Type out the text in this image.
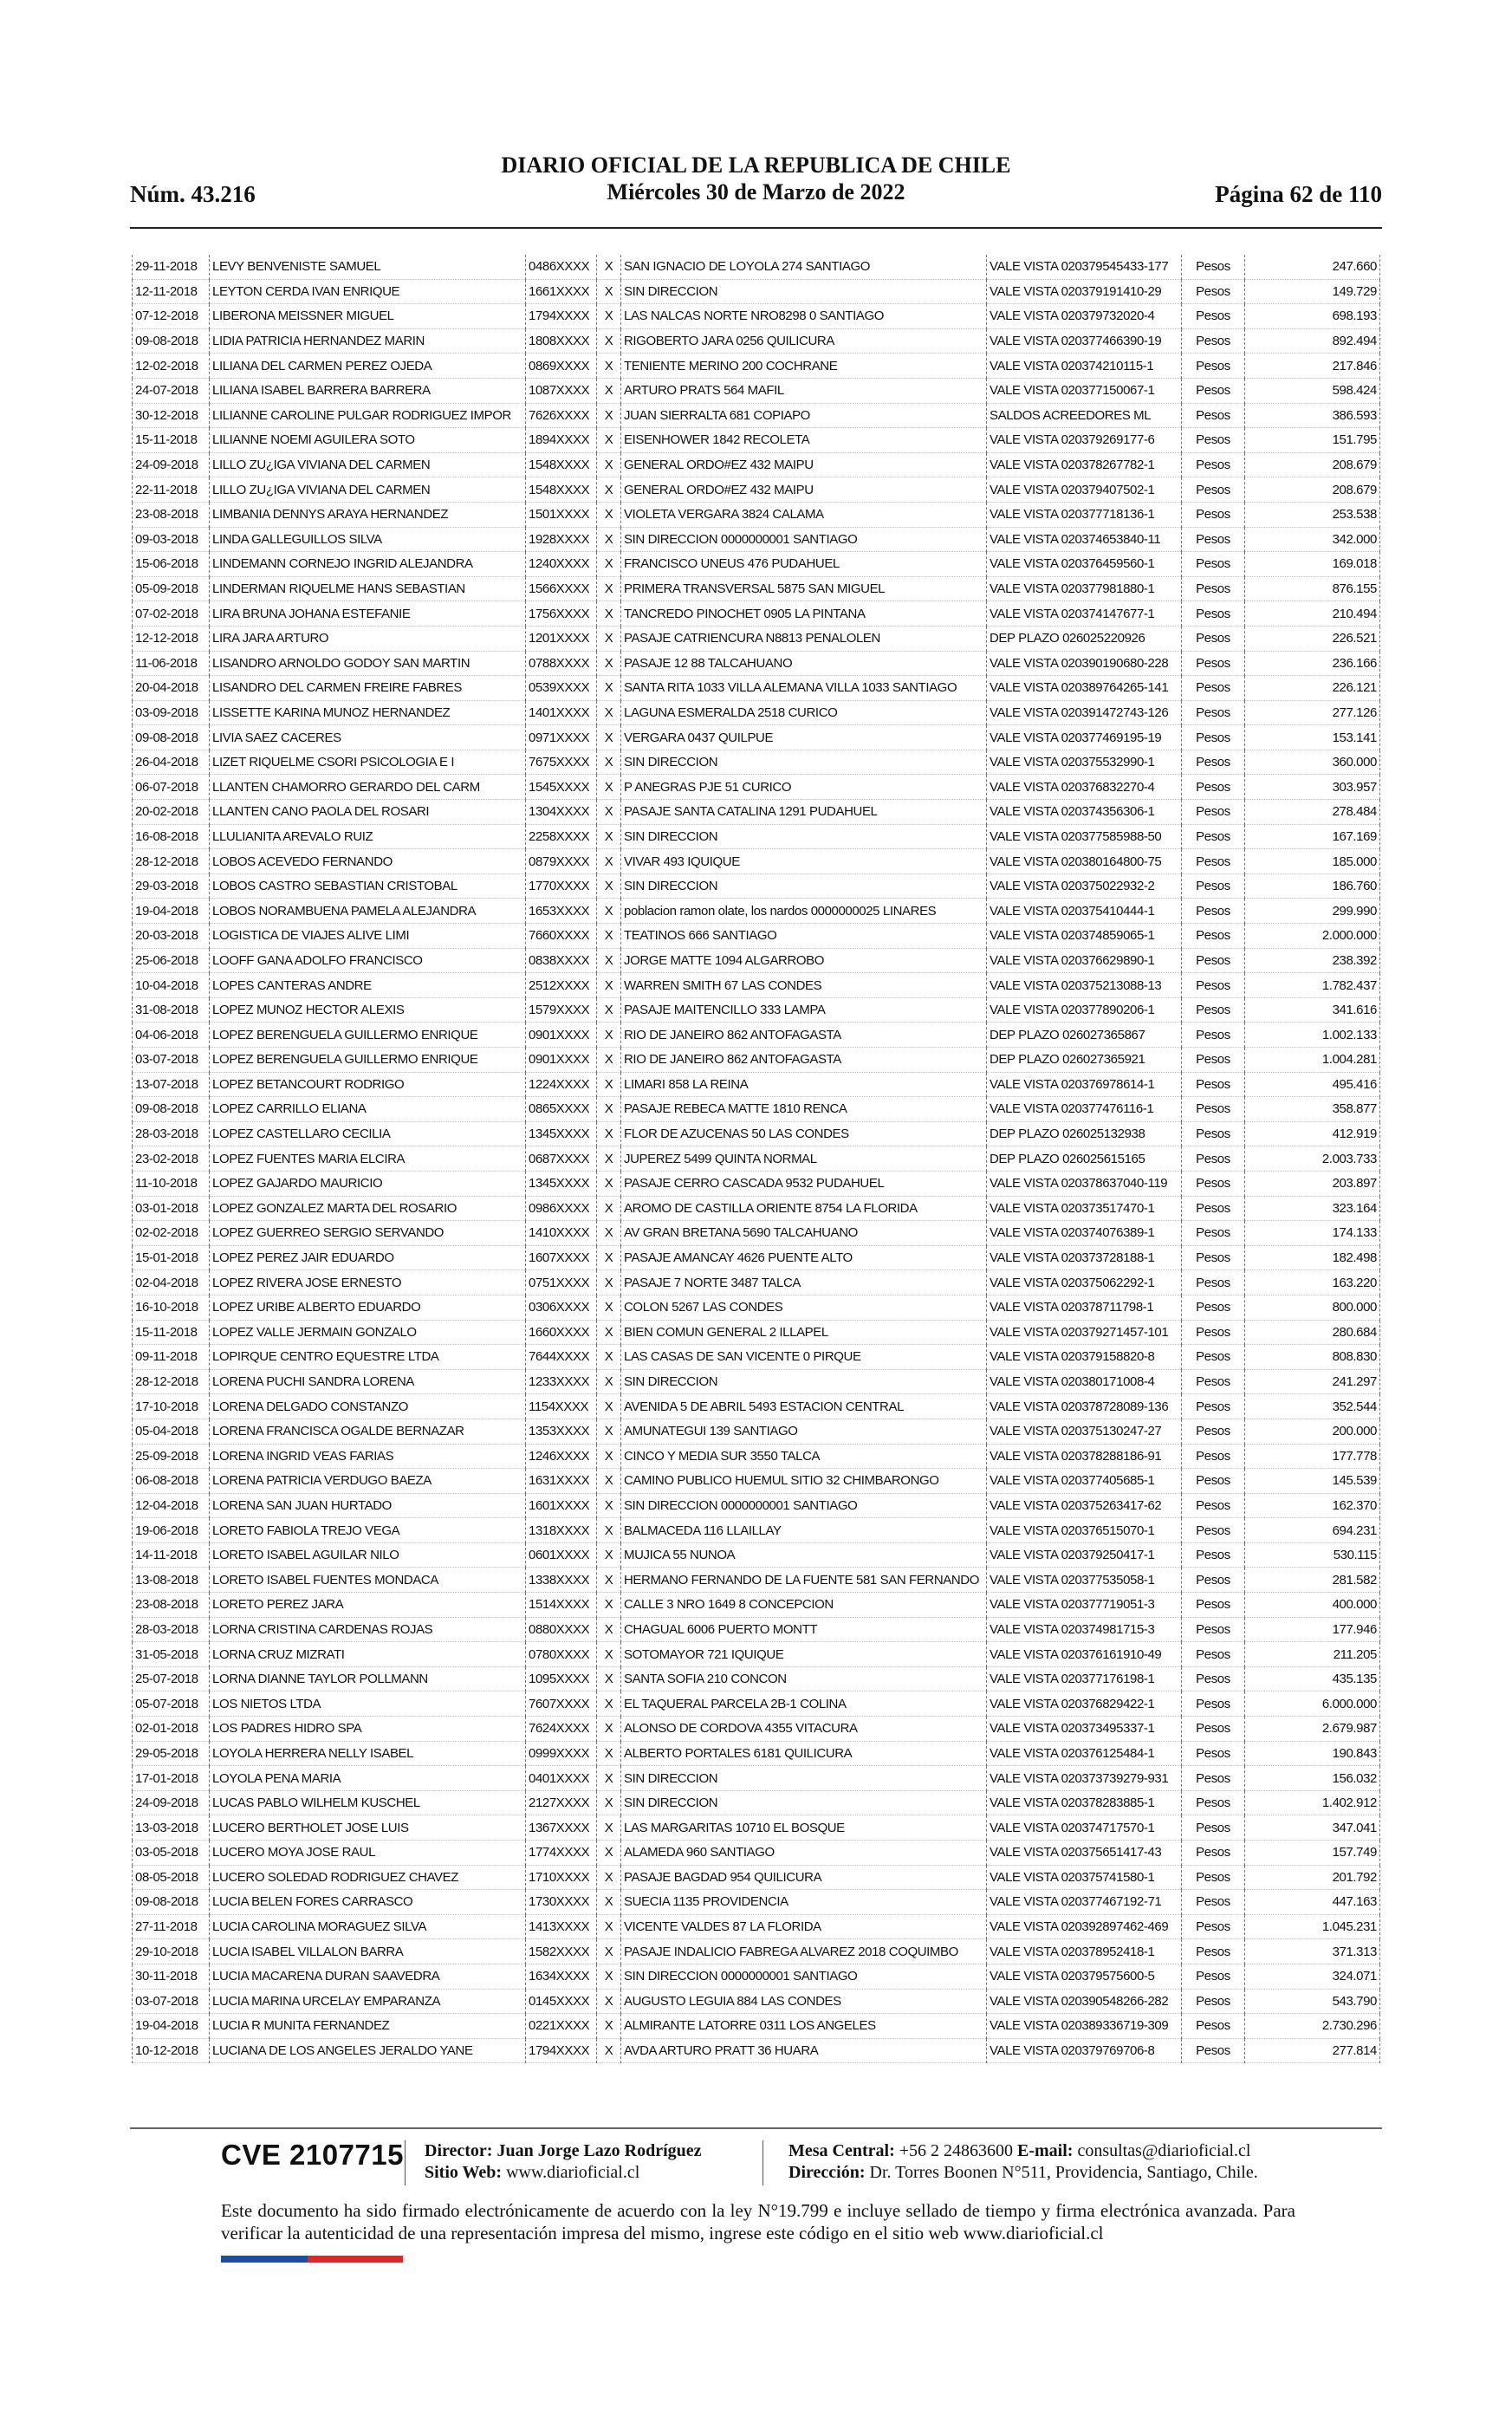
Núm. 43.216
DIARIO OFICIAL DE LA REPUBLICA DE CHILE
Miércoles 30 de Marzo de 2022	Página 62 de 110
29-11-2018	LEVY BENVENISTE SAMUEL	0486XXXX	X	SAN IGNACIO DE LOYOLA 274 SANTIAGO	VALE VISTA 020379545433-177	Pesos	247.660
12-11-2018	LEYTON CERDA IVAN ENRIQUE	1661XXXX	X	SIN DIRECCION	VALE VISTA 020379191410-29	Pesos	149.729
07-12-2018	LIBERONA MEISSNER MIGUEL	1794XXXX	X	LAS NALCAS NORTE NRO8298 0 SANTIAGO	VALE VISTA 020379732020-4	Pesos	698.193
09-08-2018	LIDIA PATRICIA HERNANDEZ MARIN	1808XXXX	X	RIGOBERTO JARA 0256 QUILICURA	VALE VISTA 020377466390-19	Pesos	892.494
12-02-2018	LILIANA DEL CARMEN PEREZ OJEDA	0869XXXX	X	TENIENTE MERINO 200 COCHRANE	VALE VISTA 020374210115-1	Pesos	217.846
24-07-2018	LILIANA ISABEL BARRERA BARRERA	1087XXXX	X	ARTURO PRATS 564 MAFIL	VALE VISTA 020377150067-1	Pesos	598.424
30-12-2018	LILIANNE CAROLINE PULGAR RODRIGUEZ IMPOR	7626XXXX	X	JUAN SIERRALTA 681 COPIAPO	SALDOS ACREEDORES ML	Pesos	386.593
15-11-2018	LILIANNE NOEMI AGUILERA SOTO	1894XXXX	X	EISENHOWER 1842 RECOLETA	VALE VISTA 020379269177-6	Pesos	151.795
24-09-2018	LILLO ZU¿IGA VIVIANA DEL CARMEN	1548XXXX	X	GENERAL ORDO#EZ 432 MAIPU	VALE VISTA 020378267782-1	Pesos	208.679
22-11-2018	LILLO ZU¿IGA VIVIANA DEL CARMEN	1548XXXX	X	GENERAL ORDO#EZ 432 MAIPU	VALE VISTA 020379407502-1	Pesos	208.679
23-08-2018	LIMBANIA DENNYS ARAYA HERNANDEZ	1501XXXX	X	VIOLETA VERGARA 3824 CALAMA	VALE VISTA 020377718136-1	Pesos	253.538
09-03-2018	LINDA GALLEGUILLOS SILVA	1928XXXX	X	SIN DIRECCION 0000000001 SANTIAGO	VALE VISTA 020374653840-11	Pesos	342.000
15-06-2018	LINDEMANN CORNEJO INGRID ALEJANDRA	1240XXXX	X	FRANCISCO UNEUS 476 PUDAHUEL	VALE VISTA 020376459560-1	Pesos	169.018
05-09-2018	LINDERMAN RIQUELME HANS SEBASTIAN	1566XXXX	X	PRIMERA TRANSVERSAL 5875 SAN MIGUEL	VALE VISTA 020377981880-1	Pesos	876.155
07-02-2018	LIRA BRUNA JOHANA ESTEFANIE	1756XXXX	X	TANCREDO PINOCHET 0905 LA PINTANA	VALE VISTA 020374147677-1	Pesos	210.494
12-12-2018	LIRA JARA ARTURO	1201XXXX	X	PASAJE CATRIENCURA N8813 PENALOLEN	DEP PLAZO 026025220926	Pesos	226.521
11-06-2018	LISANDRO ARNOLDO GODOY SAN MARTIN	0788XXXX	X	PASAJE 12 88 TALCAHUANO	VALE VISTA 020390190680-228	Pesos	236.166
20-04-2018	LISANDRO DEL CARMEN FREIRE FABRES	0539XXXX	X	SANTA RITA 1033 VILLA ALEMANA VILLA 1033 SANTIAGO	VALE VISTA 020389764265-141	Pesos	226.121
03-09-2018	LISSETTE KARINA MUNOZ HERNANDEZ	1401XXXX	X	LAGUNA ESMERALDA 2518 CURICO	VALE VISTA 020391472743-126	Pesos	277.126
09-08-2018	LIVIA SAEZ CACERES	0971XXXX	X	VERGARA 0437 QUILPUE	VALE VISTA 020377469195-19	Pesos	153.141
26-04-2018	LIZET RIQUELME CSORI PSICOLOGIA E I	7675XXXX	X	SIN DIRECCION	VALE VISTA 020375532990-1	Pesos	360.000
06-07-2018	LLANTEN CHAMORRO GERARDO DEL CARM	1545XXXX	X	P ANEGRAS PJE 51 CURICO	VALE VISTA 020376832270-4	Pesos	303.957
20-02-2018	LLANTEN CANO PAOLA DEL ROSARI	1304XXXX	X	PASAJE SANTA CATALINA 1291 PUDAHUEL	VALE VISTA 020374356306-1	Pesos	278.484
16-08-2018	LLULIANITA AREVALO RUIZ	2258XXXX	X	SIN DIRECCION	VALE VISTA 020377585988-50	Pesos	167.169
28-12-2018	LOBOS ACEVEDO FERNANDO	0879XXXX	X	VIVAR 493 IQUIQUE	VALE VISTA 020380164800-75	Pesos	185.000
29-03-2018	LOBOS CASTRO SEBASTIAN CRISTOBAL	1770XXXX	X	SIN DIRECCION	VALE VISTA 020375022932-2	Pesos	186.760
19-04-2018	LOBOS NORAMBUENA PAMELA ALEJANDRA	1653XXXX	X	poblacion ramon olate, los nardos 0000000025 LINARES	VALE VISTA 020375410444-1	Pesos	299.990
20-03-2018	LOGISTICA DE VIAJES ALIVE LIMI	7660XXXX	X	TEATINOS 666 SANTIAGO	VALE VISTA 020374859065-1	Pesos	2.000.000
25-06-2018	LOOFF GANA ADOLFO FRANCISCO	0838XXXX	X	JORGE MATTE 1094 ALGARROBO	VALE VISTA 020376629890-1	Pesos	238.392
10-04-2018	LOPES CANTERAS ANDRE	2512XXXX	X	WARREN SMITH 67 LAS CONDES	VALE VISTA 020375213088-13	Pesos	1.782.437
31-08-2018	LOPEZ MUNOZ HECTOR ALEXIS	1579XXXX	X	PASAJE MAITENCILLO 333 LAMPA	VALE VISTA 020377890206-1	Pesos	341.616
04-06-2018	LOPEZ BERENGUELA GUILLERMO ENRIQUE	0901XXXX	X	RIO DE JANEIRO 862 ANTOFAGASTA	DEP PLAZO 026027365867	Pesos	1.002.133
03-07-2018	LOPEZ BERENGUELA GUILLERMO ENRIQUE	0901XXXX	X	RIO DE JANEIRO 862 ANTOFAGASTA	DEP PLAZO 026027365921	Pesos	1.004.281
13-07-2018	LOPEZ BETANCOURT RODRIGO	1224XXXX	X	LIMARI 858 LA REINA	VALE VISTA 020376978614-1	Pesos	495.416
09-08-2018	LOPEZ CARRILLO ELIANA	0865XXXX	X	PASAJE REBECA MATTE 1810 RENCA	VALE VISTA 020377476116-1	Pesos	358.877
28-03-2018	LOPEZ CASTELLARO CECILIA	1345XXXX	X	FLOR DE AZUCENAS 50 LAS CONDES	DEP PLAZO 026025132938	Pesos	412.919
23-02-2018	LOPEZ FUENTES MARIA ELCIRA	0687XXXX	X	JUPEREZ 5499 QUINTA NORMAL	DEP PLAZO 026025615165	Pesos	2.003.733
11-10-2018	LOPEZ GAJARDO MAURICIO	1345XXXX	X	PASAJE CERRO CASCADA 9532 PUDAHUEL	VALE VISTA 020378637040-119	Pesos	203.897
03-01-2018	LOPEZ GONZALEZ MARTA DEL ROSARIO	0986XXXX	X	AROMO DE CASTILLA ORIENTE 8754 LA FLORIDA	VALE VISTA 020373517470-1	Pesos	323.164
02-02-2018	LOPEZ GUERREO SERGIO SERVANDO	1410XXXX	X	AV GRAN BRETANA 5690 TALCAHUANO	VALE VISTA 020374076389-1	Pesos	174.133
15-01-2018	LOPEZ PEREZ JAIR EDUARDO	1607XXXX	X	PASAJE AMANCAY 4626 PUENTE ALTO	VALE VISTA 020373728188-1	Pesos	182.498
02-04-2018	LOPEZ RIVERA JOSE ERNESTO	0751XXXX	X	PASAJE 7 NORTE 3487 TALCA	VALE VISTA 020375062292-1	Pesos	163.220
16-10-2018	LOPEZ URIBE ALBERTO EDUARDO	0306XXXX	X	COLON 5267 LAS CONDES	VALE VISTA 020378711798-1	Pesos	800.000
15-11-2018	LOPEZ VALLE JERMAIN GONZALO	1660XXXX	X	BIEN COMUN GENERAL 2 ILLAPEL	VALE VISTA 020379271457-101	Pesos	280.684
09-11-2018	LOPIRQUE CENTRO EQUESTRE LTDA	7644XXXX	X	LAS CASAS DE SAN VICENTE 0 PIRQUE	VALE VISTA 020379158820-8	Pesos	808.830
28-12-2018	LORENA PUCHI SANDRA LORENA	1233XXXX	X	SIN DIRECCION	VALE VISTA 020380171008-4	Pesos	241.297
17-10-2018	LORENA DELGADO CONSTANZO	1154XXXX	X	AVENIDA 5 DE ABRIL 5493 ESTACION CENTRAL	VALE VISTA 020378728089-136	Pesos	352.544
05-04-2018	LORENA FRANCISCA OGALDE BERNAZAR	1353XXXX	X	AMUNATEGUI 139 SANTIAGO	VALE VISTA 020375130247-27	Pesos	200.000
25-09-2018	LORENA INGRID VEAS FARIAS	1246XXXX	X	CINCO Y MEDIA SUR 3550 TALCA	VALE VISTA 020378288186-91	Pesos	177.778
06-08-2018	LORENA PATRICIA VERDUGO BAEZA	1631XXXX	X	CAMINO PUBLICO HUEMUL SITIO 32 CHIMBARONGO	VALE VISTA 020377405685-1	Pesos	145.539
12-04-2018	LORENA SAN JUAN HURTADO	1601XXXX	X	SIN DIRECCION 0000000001 SANTIAGO	VALE VISTA 020375263417-62	Pesos	162.370
19-06-2018	LORETO FABIOLA TREJO VEGA	1318XXXX	X	BALMACEDA 116 LLAILLAY	VALE VISTA 020376515070-1	Pesos	694.231
14-11-2018	LORETO ISABEL AGUILAR NILO	0601XXXX	X	MUJICA 55 NUNOA	VALE VISTA 020379250417-1	Pesos	530.115
13-08-2018	LORETO ISABEL FUENTES MONDACA	1338XXXX	X	HERMANO FERNANDO DE LA FUENTE 581 SAN FERNANDO	VALE VISTA 020377535058-1	Pesos	281.582
23-08-2018	LORETO PEREZ JARA	1514XXXX	X	CALLE 3 NRO 1649 8 CONCEPCION	VALE VISTA 020377719051-3	Pesos	400.000
28-03-2018	LORNA CRISTINA CARDENAS ROJAS	0880XXXX	X	CHAGUAL 6006 PUERTO MONTT	VALE VISTA 020374981715-3	Pesos	177.946
31-05-2018	LORNA CRUZ MIZRATI	0780XXXX	X	SOTOMAYOR 721 IQUIQUE	VALE VISTA 020376161910-49	Pesos	211.205
25-07-2018	LORNA DIANNE TAYLOR POLLMANN	1095XXXX	X	SANTA SOFIA 210 CONCON	VALE VISTA 020377176198-1	Pesos	435.135
05-07-2018	LOS NIETOS LTDA	7607XXXX	X	EL TAQUERAL PARCELA 2B-1 COLINA	VALE VISTA 020376829422-1	Pesos	6.000.000
02-01-2018	LOS PADRES HIDRO SPA	7624XXXX	X	ALONSO DE CORDOVA 4355 VITACURA	VALE VISTA 020373495337-1	Pesos	2.679.987
29-05-2018	LOYOLA HERRERA NELLY ISABEL	0999XXXX	X	ALBERTO PORTALES 6181 QUILICURA	VALE VISTA 020376125484-1	Pesos	190.843
17-01-2018	LOYOLA PENA MARIA	0401XXXX	X	SIN DIRECCION	VALE VISTA 020373739279-931	Pesos	156.032
24-09-2018	LUCAS PABLO WILHELM KUSCHEL	2127XXXX	X	SIN DIRECCION	VALE VISTA 020378283885-1	Pesos	1.402.912
13-03-2018	LUCERO BERTHOLET JOSE LUIS	1367XXXX	X	LAS MARGARITAS 10710 EL BOSQUE	VALE VISTA 020374717570-1	Pesos	347.041
03-05-2018	LUCERO MOYA JOSE RAUL	1774XXXX	X	ALAMEDA 960 SANTIAGO	VALE VISTA 020375651417-43	Pesos	157.749
08-05-2018	LUCERO SOLEDAD RODRIGUEZ CHAVEZ	1710XXXX	X	PASAJE BAGDAD 954 QUILICURA	VALE VISTA 020375741580-1	Pesos	201.792
09-08-2018	LUCIA BELEN FORES CARRASCO	1730XXXX	X	SUECIA 1135 PROVIDENCIA	VALE VISTA 020377467192-71	Pesos	447.163
27-11-2018	LUCIA CAROLINA MORAGUEZ SILVA	1413XXXX	X	VICENTE VALDES 87 LA FLORIDA	VALE VISTA 020392897462-469	Pesos	1.045.231
29-10-2018	LUCIA ISABEL VILLALON BARRA	1582XXXX	X	PASAJE INDALICIO FABREGA ALVAREZ 2018 COQUIMBO	VALE VISTA 020378952418-1	Pesos	371.313
30-11-2018	LUCIA MACARENA DURAN SAAVEDRA	1634XXXX	X	SIN DIRECCION 0000000001 SANTIAGO	VALE VISTA 020379575600-5	Pesos	324.071
03-07-2018	LUCIA MARINA URCELAY EMPARANZA	0145XXXX	X	AUGUSTO LEGUIA 884 LAS CONDES	VALE VISTA 020390548266-282	Pesos	543.790
19-04-2018	LUCIA R MUNITA FERNANDEZ	0221XXXX	X	ALMIRANTE LATORRE 0311 LOS ANGELES	VALE VISTA 020389336719-309	Pesos	2.730.296
10-12-2018	LUCIANA DE LOS ANGELES JERALDO YANE	1794XXXX	X	AVDA ARTURO PRATT 36 HUARA	VALE VISTA 020379769706-8	Pesos	277.814
CVE 2107715 Director: Juan Jorge Lazo Rodríguez
Sitio Web: www.diarioficial.cl
Mesa Central: +56 2 24863600 E-mail: consultas@diarioficial.cl
Dirección: Dr. Torres Boonen N°511, Providencia, Santiago, Chile.
Este documento ha sido firmado electrónicamente de acuerdo con la ley N°19.799 e incluye sellado de tiempo y firma electrónica avanzada. Para verificar la autenticidad de una representación impresa del mismo, ingrese este código en el sitio web www.diarioficial.cl
